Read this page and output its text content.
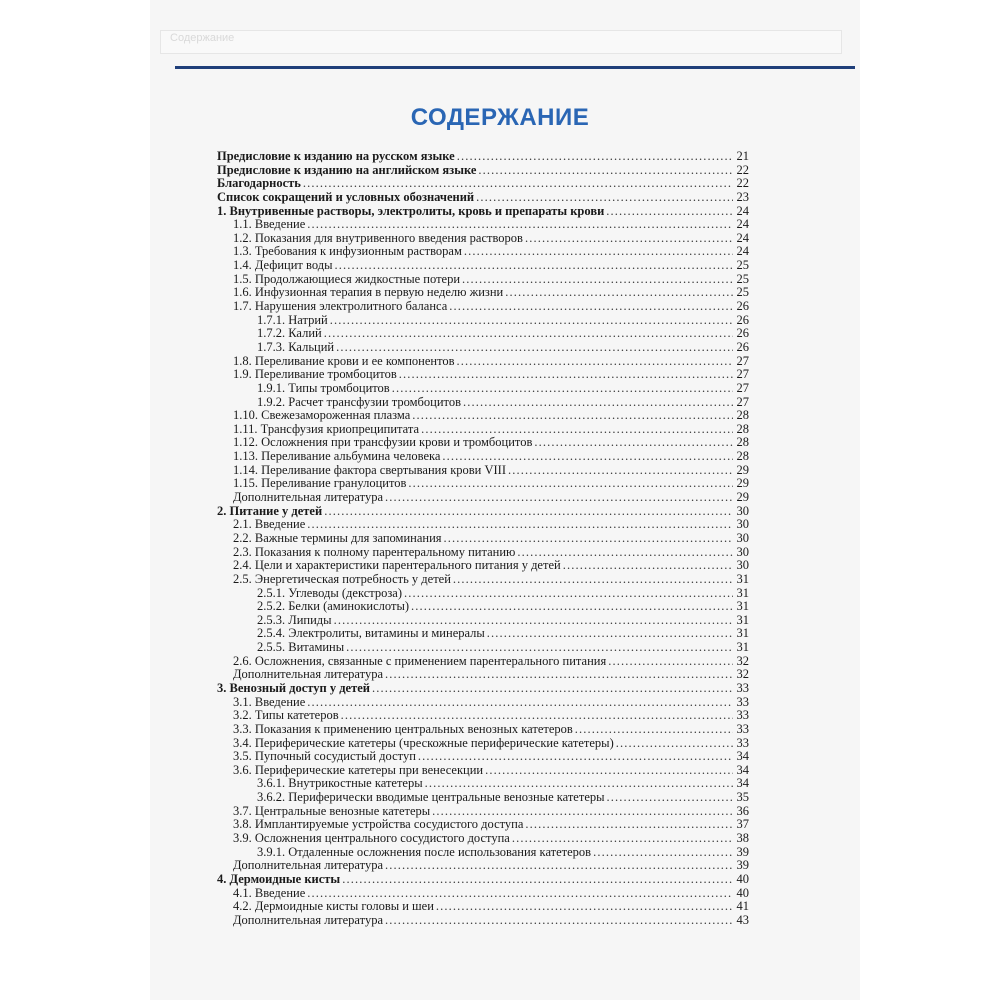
Содержание
СОДЕРЖАНИЕ
Предисловие к изданию на русском языке . . .	21
Предисловие к изданию на английском языке . . .	22
Благодарность . . .	22
Список сокращений и условных обозначений . . .	23
1. Внутривенные растворы, электролиты, кровь и препараты крови . . .	24
1.1. Введение . . .	24
1.2. Показания для внутривенного введения растворов . . .	24
1.3. Требования к инфузионным растворам . . .	24
1.4. Дефицит воды . . .	25
1.5. Продолжающиеся жидкостные потери . . .	25
1.6. Инфузионная терапия в первую неделю жизни . . .	25
1.7. Нарушения электролитного баланса . . .	26
1.7.1. Натрий . . .	26
1.7.2. Калий . . .	26
1.7.3. Кальций . . .	26
1.8. Переливание крови и ее компонентов . . .	27
1.9. Переливание тромбоцитов . . .	27
1.9.1. Типы тромбоцитов . . .	27
1.9.2. Расчет трансфузии тромбоцитов . . .	27
1.10. Свежезамороженная плазма . . .	28
1.11. Трансфузия криопреципитата . . .	28
1.12. Осложнения при трансфузии крови и тромбоцитов . . .	28
1.13. Переливание альбумина человека . . .	28
1.14. Переливание фактора свертывания крови VIII . . .	29
1.15. Переливание гранулоцитов . . .	29
Дополнительная литература . . .	29
2. Питание у детей . . .	30
2.1. Введение . . .	30
2.2. Важные термины для запоминания . . .	30
2.3. Показания к полному парентеральному питанию . . .	30
2.4. Цели и характеристики парентерального питания у детей . . .	30
2.5. Энергетическая потребность у детей . . .	31
2.5.1. Углеводы (декстроза) . . .	31
2.5.2. Белки (аминокислоты) . . .	31
2.5.3. Липиды . . .	31
2.5.4. Электролиты, витамины и минералы . . .	31
2.5.5. Витамины . . .	31
2.6. Осложнения, связанные с применением парентерального питания . . .	32
Дополнительная литература . . .	32
3. Венозный доступ у детей . . .	33
3.1. Введение . . .	33
3.2. Типы катетеров . . .	33
3.3. Показания к применению центральных венозных катетеров . . .	33
3.4. Периферические катетеры (чрескожные периферические катетеры) . . .	33
3.5. Пупочный сосудистый доступ . . .	34
3.6. Периферические катетеры при венесекции . . .	34
3.6.1. Внутрикостные катетеры . . .	34
3.6.2. Периферически вводимые центральные венозные катетеры . . .	35
3.7. Центральные венозные катетеры . . .	36
3.8. Имплантируемые устройства сосудистого доступа . . .	37
3.9. Осложнения центрального сосудистого доступа . . .	38
3.9.1. Отдаленные осложнения после использования катетеров . . .	39
Дополнительная литература . . .	39
4. Дермоидные кисты . . .	40
4.1. Введение . . .	40
4.2. Дермоидные кисты головы и шеи . . .	41
Дополнительная литература . . .	43
